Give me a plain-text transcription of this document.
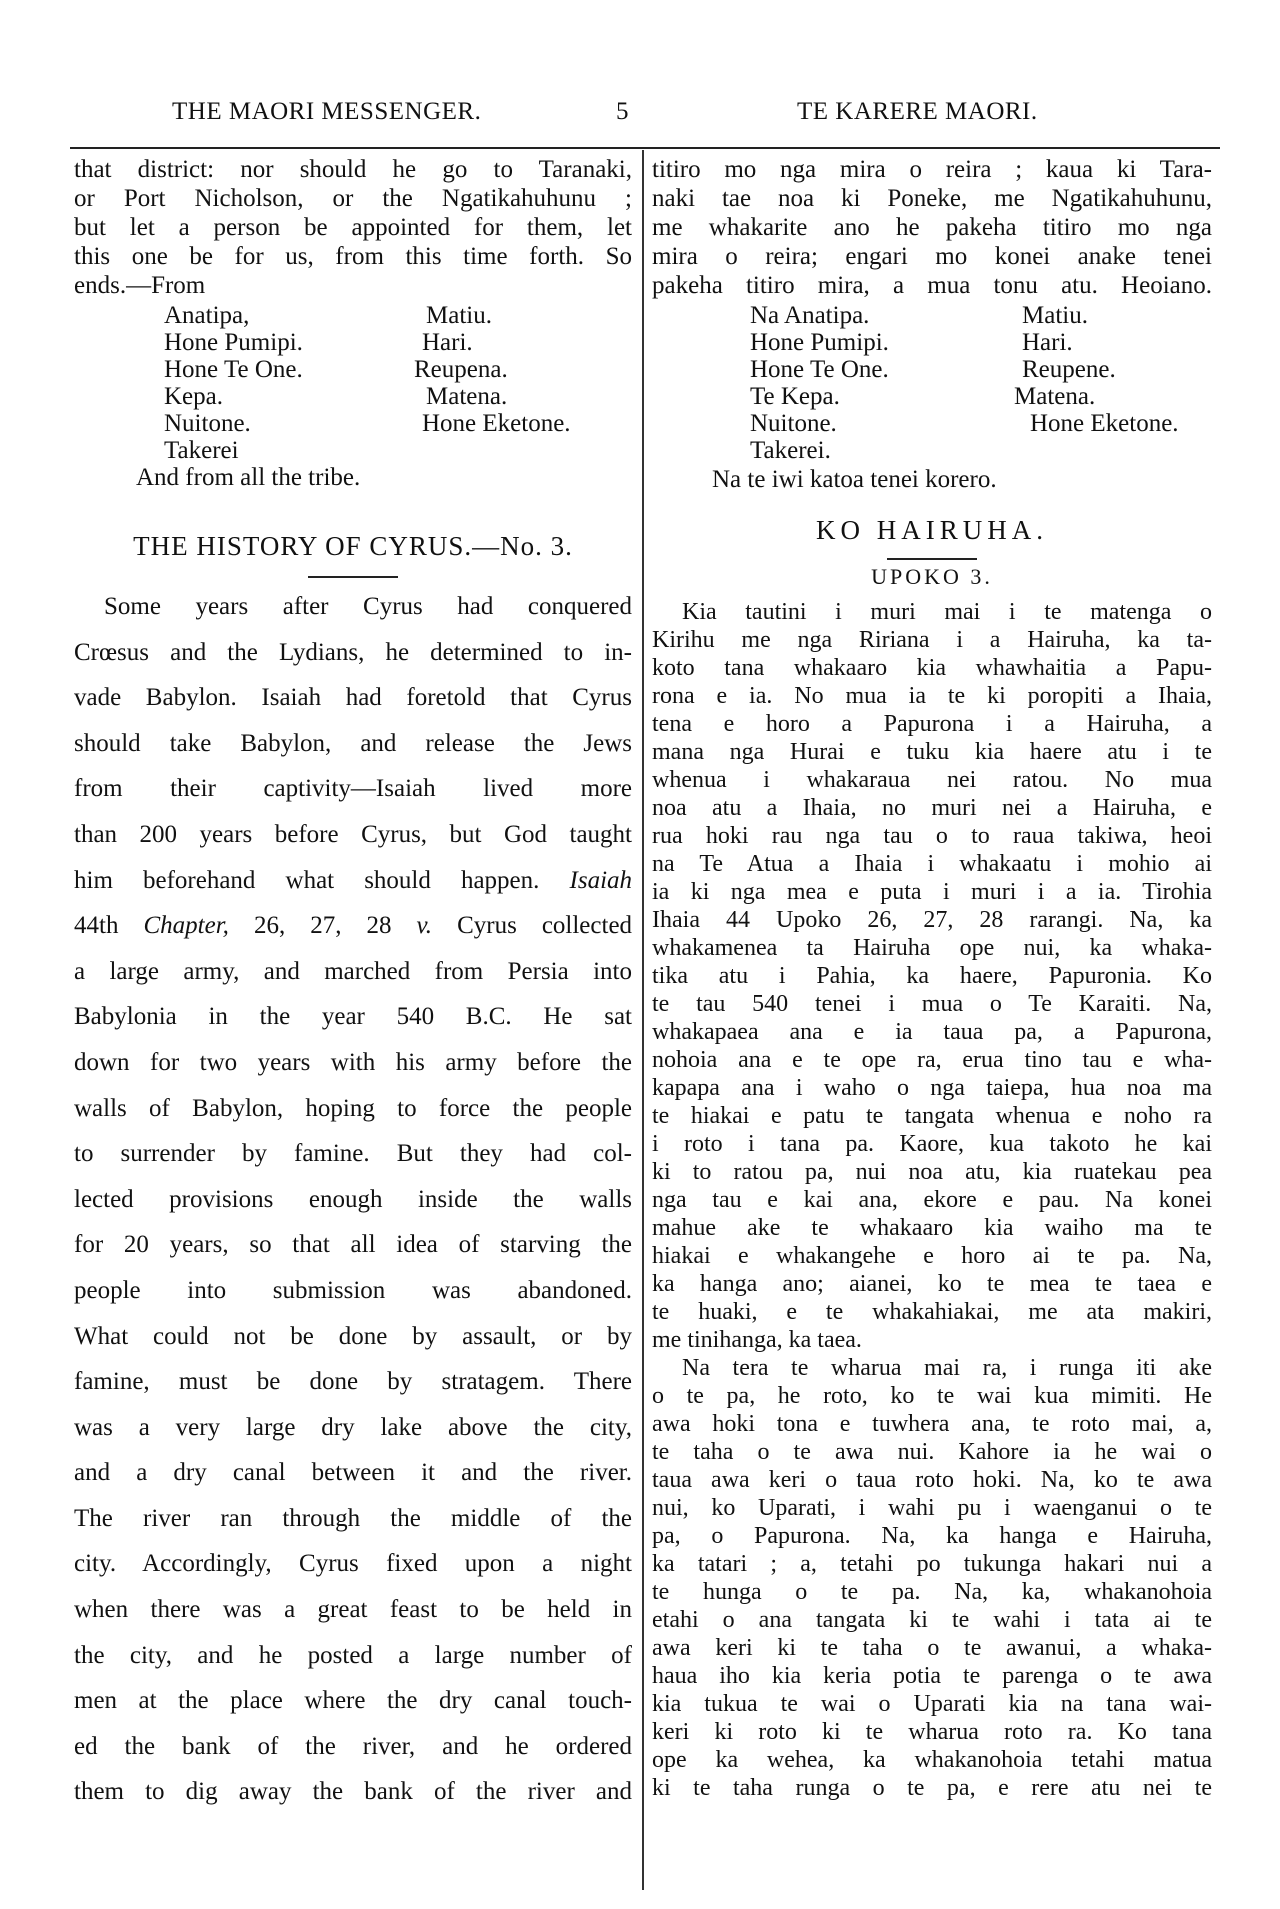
THE MAORI MESSENGER.	5	TE KARERE MAORI.

that district: nor should he go to Taranaki,

or Port Nicholson, or the Ngatikahuhunu ;

but let a person be appointed for them, let

this one be for us, from this time forth. So

ends.—From

Anatipa,	Matiu.
Hone Pumipi.	Hari.
Hone Te One.	Reupena.
Kepa.	Matena.
Nuitone.	Hone Eketone.
Takerei
And from all the tribe.

THE HISTORY OF CYRUS.—No. 3.

Some years after Cyrus had conquered

Crœsus and the Lydians, he determined to in-

vade Babylon. Isaiah had foretold that Cyrus

should take Babylon, and release the Jews

from their captivity—Isaiah lived more

than 200 years before Cyrus, but God taught

him beforehand what should happen. Isaiah

44th Chapter, 26, 27, 28 v. Cyrus collected

a large army, and marched from Persia into

Babylonia in the year 540 B.C. He sat

down for two years with his army before the

walls of Babylon, hoping to force the people

to surrender by famine. But they had col-

lected provisions enough inside the walls

for 20 years, so that all idea of starving the

people into submission was abandoned.

What could not be done by assault, or by

famine, must be done by stratagem. There

was a very large dry lake above the city,

and a dry canal between it and the river.

The river ran through the middle of the

city. Accordingly, Cyrus fixed upon a night

when there was a great feast to be held in

the city, and he posted a large number of

men at the place where the dry canal touch-

ed the bank of the river, and he ordered

them to dig away the bank of the river and

titiro mo nga mira o reira ; kaua ki Tara-

naki tae noa ki Poneke, me Ngatikahuhunu,

me whakarite ano he pakeha titiro mo nga

mira o reira; engari mo konei anake tenei

pakeha titiro mira, a mua tonu atu. Heoiano.

Na Anatipa.	Matiu.
Hone Pumipi.	Hari.
Hone Te One.	Reupene.
Te Kepa.	Matena.
Nuitone.	Hone Eketone.
Takerei.
Na te iwi katoa tenei korero.

KO HAIRUHA.

UPOKO 3.

Kia tautini i muri mai i te matenga o

Kirihu me nga Ririana i a Hairuha, ka ta-

koto tana whakaaro kia whawhaitia a Papu-

rona e ia. No mua ia te ki poropiti a Ihaia,

tena e horo a Papurona i a Hairuha, a

mana nga Hurai e tuku kia haere atu i te

whenua i whakaraua nei ratou. No mua

noa atu a Ihaia, no muri nei a Hairuha, e

rua hoki rau nga tau o to raua takiwa, heoi

na Te Atua a Ihaia i whakaatu i mohio ai

ia ki nga mea e puta i muri i a ia. Tirohia

Ihaia 44 Upoko 26, 27, 28 rarangi. Na, ka

whakamenea ta Hairuha ope nui, ka whaka-

tika atu i Pahia, ka haere, Papuronia. Ko

te tau 540 tenei i mua o Te Karaiti. Na,

whakapaea ana e ia taua pa, a Papurona,

nohoia ana e te ope ra, erua tino tau e wha-

kapapa ana i waho o nga taiepa, hua noa ma

te hiakai e patu te tangata whenua e noho ra

i roto i tana pa. Kaore, kua takoto he kai

ki to ratou pa, nui noa atu, kia ruatekau pea

nga tau e kai ana, ekore e pau. Na konei

mahue ake te whakaaro kia waiho ma te

hiakai e whakangehe e horo ai te pa. Na,

ka hanga ano; aianei, ko te mea te taea e

te huaki, e te whakahiakai, me ata makiri,

me tinihanga, ka taea.

Na tera te wharua mai ra, i runga iti ake

o te pa, he roto, ko te wai kua mimiti. He

awa hoki tona e tuwhera ana, te roto mai, a,

te taha o te awa nui. Kahore ia he wai o

taua awa keri o taua roto hoki. Na, ko te awa

nui, ko Uparati, i wahi pu i waenganui o te

pa, o Papurona. Na, ka hanga e Hairuha,

ka tatari ; a, tetahi po tukunga hakari nui a

te hunga o te pa. Na, ka, whakanohoia

etahi o ana tangata ki te wahi i tata ai te

awa keri ki te taha o te awanui, a whaka-

haua iho kia keria potia te parenga o te awa

kia tukua te wai o Uparati kia na tana wai-

keri ki roto ki te wharua roto ra. Ko tana

ope ka wehea, ka whakanohoia tetahi matua

ki te taha runga o te pa, e rere atu nei te
